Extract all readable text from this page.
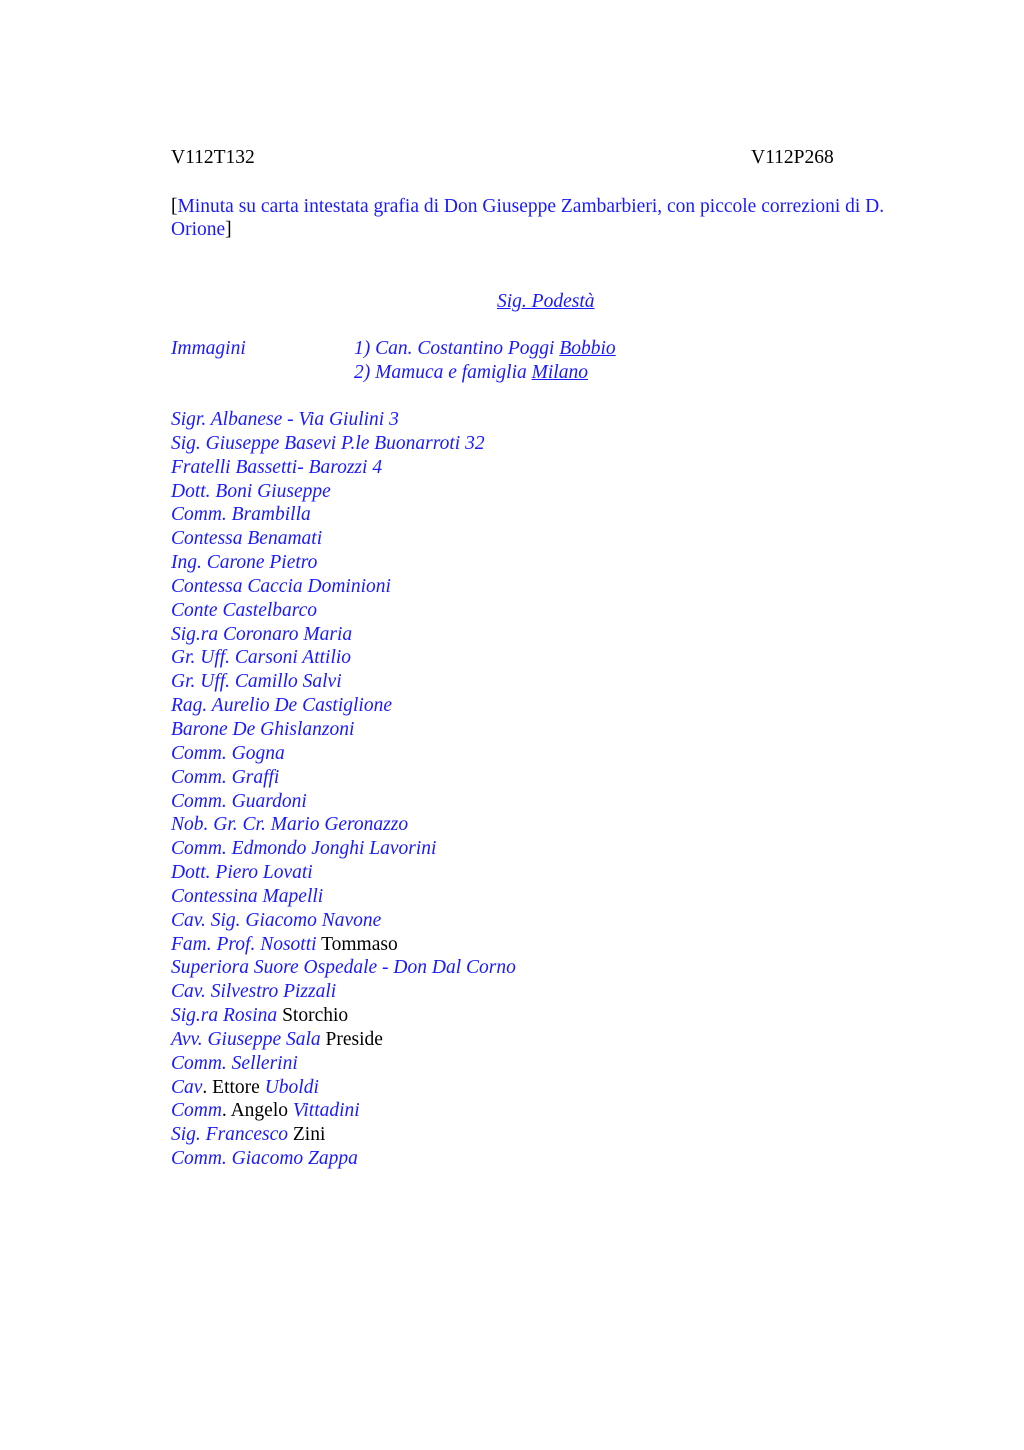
V112T132	V112P268
[Minuta su carta intestata grafia di Don Giuseppe Zambarbieri, con piccole correzioni di D. Orione]
Sig. Podestà
Immagini	1) Can. Costantino Poggi Bobbio
2) Mamuca e famiglia Milano
Sigr. Albanese - Via Giulini 3
Sig. Giuseppe Basevi P.le Buonarroti 32
Fratelli Bassetti- Barozzi 4
Dott. Boni Giuseppe
Comm. Brambilla
Contessa Benamati
Ing. Carone Pietro
Contessa Caccia Dominioni
Conte Castelbarco
Sig.ra Coronaro Maria
Gr. Uff. Carsoni Attilio
Gr. Uff. Camillo Salvi
Rag. Aurelio De Castiglione
Barone De Ghislanzoni
Comm. Gogna
Comm. Graffi
Comm. Guardoni
Nob. Gr. Cr. Mario Geronazzo
Comm. Edmondo Jonghi Lavorini
Dott. Piero Lovati
Contessina Mapelli
Cav. Sig. Giacomo Navone
Fam. Prof. Nosotti Tommaso
Superiora Suore Ospedale - Don Dal Corno
Cav. Silvestro Pizzali
Sig.ra Rosina Storchio
Avv. Giuseppe Sala Preside
Comm. Sellerini
Cav. Ettore Uboldi
Comm. Angelo Vittadini
Sig. Francesco Zini
Comm. Giacomo Zappa
